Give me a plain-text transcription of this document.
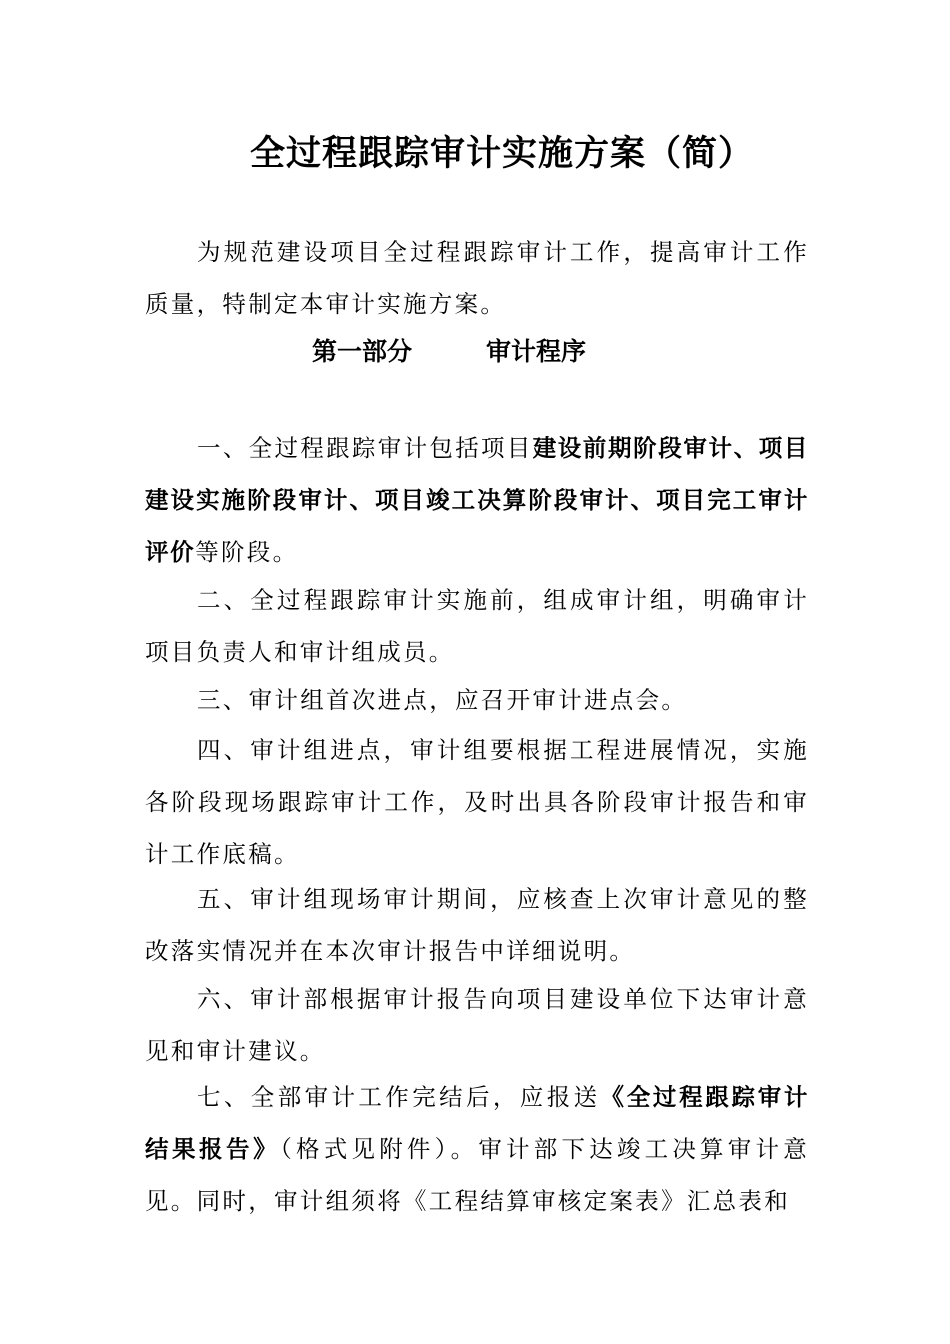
全过程跟踪审计实施方案（简）

为规范建设项目全过程跟踪审计工作，提高审计工作质量，特制定本审计实施方案。

第一部分	审计程序

一、全过程跟踪审计包括项目建设前期阶段审计、项目建设实施阶段审计、项目竣工决算阶段审计、项目完工审计评价等阶段。

二、全过程跟踪审计实施前，组成审计组，明确审计项目负责人和审计组成员。

三、审计组首次进点，应召开审计进点会。

四、审计组进点，审计组要根据工程进展情况，实施各阶段现场跟踪审计工作，及时出具各阶段审计报告和审计工作底稿。

五、审计组现场审计期间，应核查上次审计意见的整改落实情况并在本次审计报告中详细说明。

六、审计部根据审计报告向项目建设单位下达审计意见和审计建议。

七、全部审计工作完结后，应报送《全过程跟踪审计结果报告》（格式见附件）。审计部下达竣工决算审计意见。同时，审计组须将《工程结算审核定案表》汇总表和
